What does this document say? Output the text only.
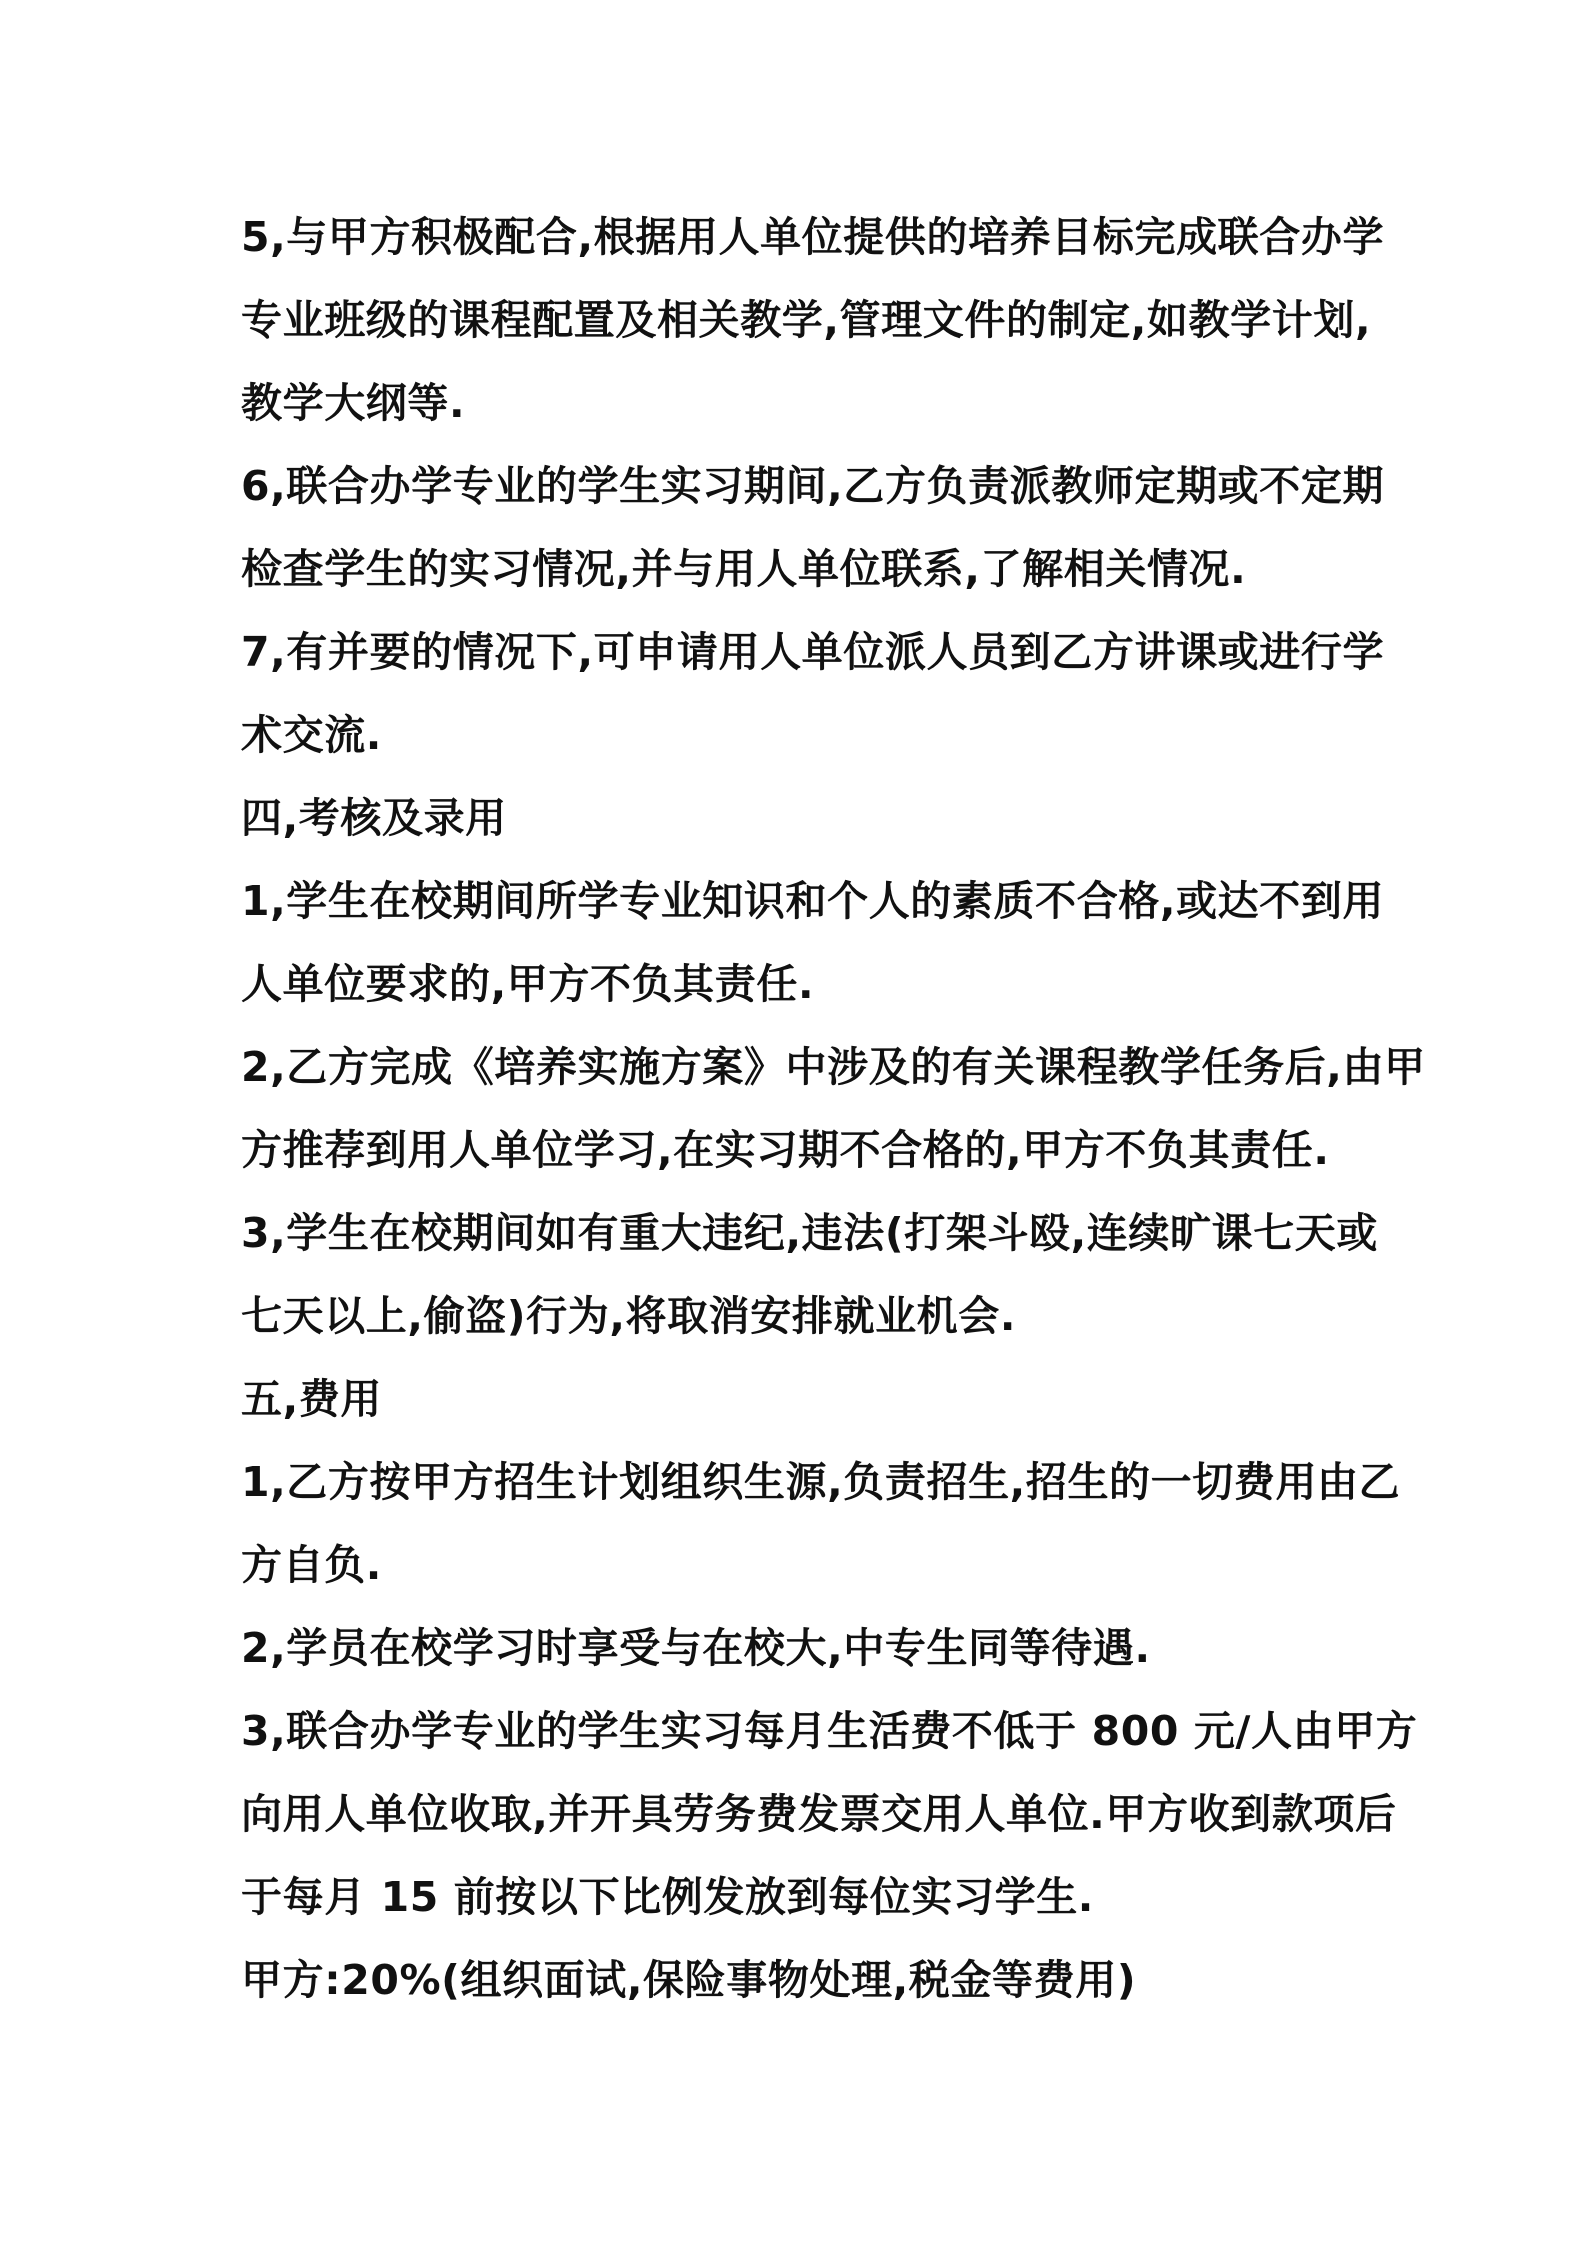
5,与甲方积极配合,根据用人单位提供的培养目标完成联合办学
专业班级的课程配置及相关教学,管理文件的制定,如教学计划,
教学大纲等.
6,联合办学专业的学生实习期间,乙方负责派教师定期或不定期
检查学生的实习情况,并与用人单位联系,了解相关情况.
7,有并要的情况下,可申请用人单位派人员到乙方讲课或进行学
术交流.
四,考核及录用
1,学生在校期间所学专业知识和个人的素质不合格,或达不到用
人单位要求的,甲方不负其责任.
2,乙方完成《培养实施方案》中涉及的有关课程教学任务后,由甲
方推荐到用人单位学习,在实习期不合格的,甲方不负其责任.
3,学生在校期间如有重大违纪,违法(打架斗殴,连续旷课七天或
七天以上,偷盗)行为,将取消安排就业机会.
五,费用
1,乙方按甲方招生计划组织生源,负责招生,招生的一切费用由乙
方自负.
2,学员在校学习时享受与在校大,中专生同等待遇.
3,联合办学专业的学生实习每月生活费不低于 800 元/人由甲方
向用人单位收取,并开具劳务费发票交用人单位.甲方收到款项后
于每月 15 前按以下比例发放到每位实习学生.
甲方:20%(组织面试,保险事物处理,税金等费用)
